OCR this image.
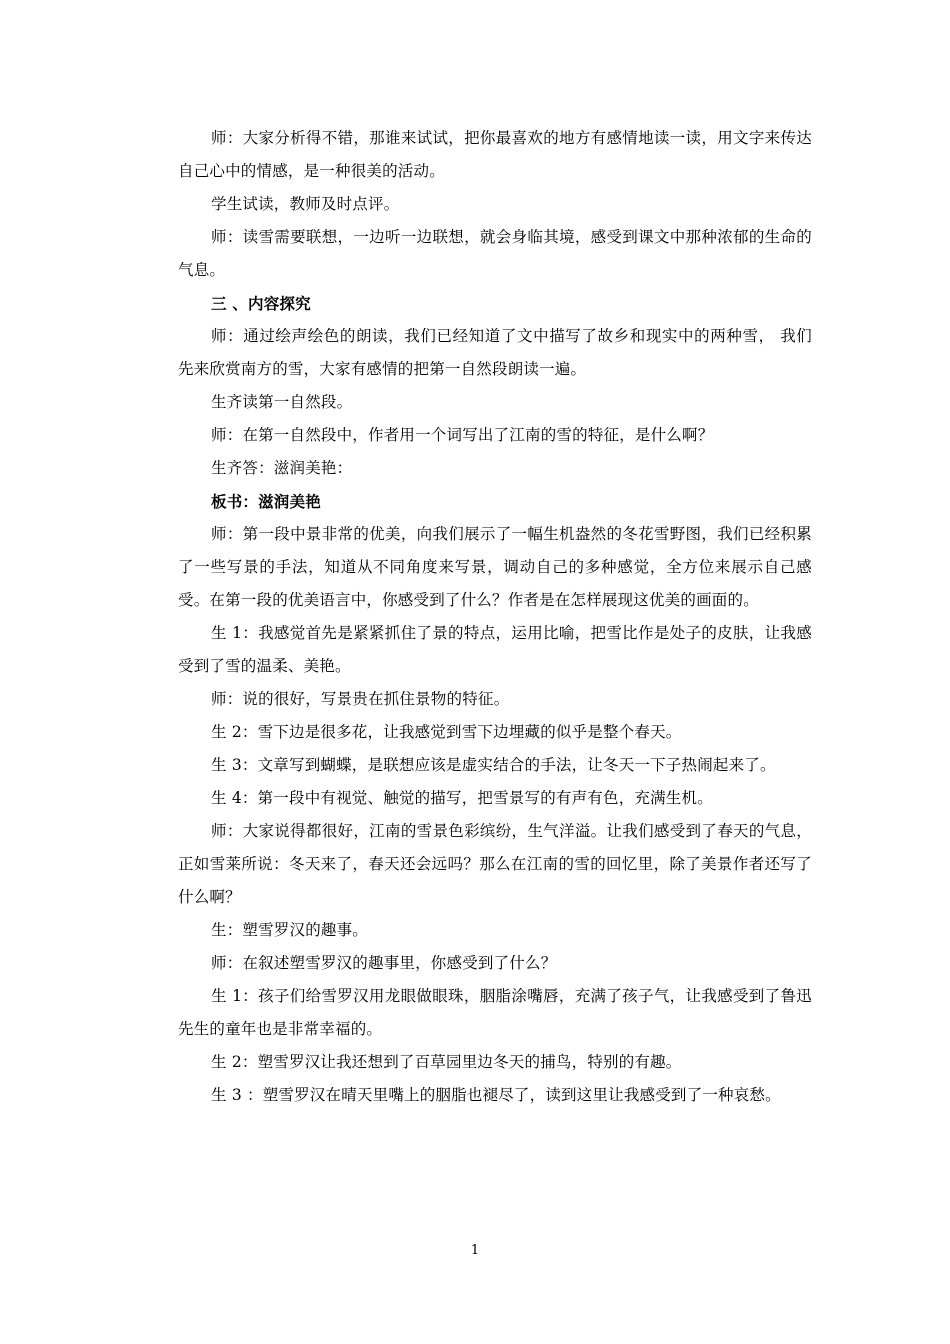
师：大家分析得不错，那谁来试试，把你最喜欢的地方有感情地读一读，用文字来传达自己心中的情感，是一种很美的活动。

学生试读，教师及时点评。

师：读雪需要联想，一边听一边联想，就会身临其境，感受到课文中那种浓郁的生命的气息。

三 、内容探究

师：通过绘声绘色的朗读，我们已经知道了文中描写了故乡和现实中的两种雪， 我们先来欣赏南方的雪，大家有感情的把第一自然段朗读一遍。

生齐读第一自然段。

师：在第一自然段中，作者用一个词写出了江南的雪的特征，是什么啊？

生齐答：滋润美艳：

板书：滋润美艳

师：第一段中景非常的优美，向我们展示了一幅生机盎然的冬花雪野图，我们已经积累了一些写景的手法，知道从不同角度来写景，调动自己的多种感觉，全方位来展示自己感受。在第一段的优美语言中，你感受到了什么？作者是在怎样展现这优美的画面的。

生 1：我感觉首先是紧紧抓住了景的特点，运用比喻，把雪比作是处子的皮肤，让我感受到了雪的温柔、美艳。

师：说的很好，写景贵在抓住景物的特征。

生 2：雪下边是很多花，让我感觉到雪下边埋藏的似乎是整个春天。

生 3：文章写到蝴蝶，是联想应该是虚实结合的手法，让冬天一下子热闹起来了。

生 4：第一段中有视觉、触觉的描写，把雪景写的有声有色，充满生机。

师：大家说得都很好，江南的雪景色彩缤纷，生气洋溢。让我们感受到了春天的气息，正如雪莱所说：冬天来了，春天还会远吗？那么在江南的雪的回忆里，除了美景作者还写了什么啊？

生：塑雪罗汉的趣事。

师：在叙述塑雪罗汉的趣事里，你感受到了什么？

生 1：孩子们给雪罗汉用龙眼做眼珠，胭脂涂嘴唇，充满了孩子气，让我感受到了鲁迅先生的童年也是非常幸福的。

生 2：塑雪罗汉让我还想到了百草园里边冬天的捕鸟，特别的有趣。

生 3 ：塑雪罗汉在晴天里嘴上的胭脂也褪尽了，读到这里让我感受到了一种哀愁。

1
